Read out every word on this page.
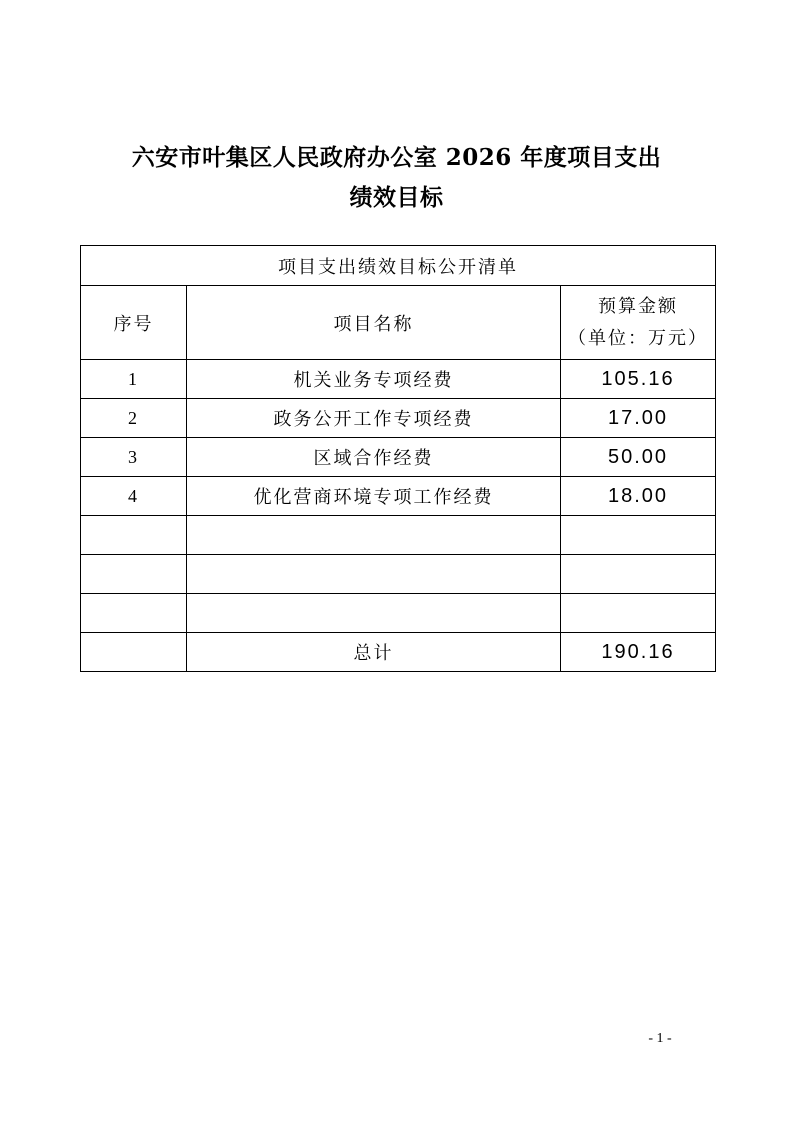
六安市叶集区人民政府办公室 2026 年度项目支出
绩效目标
项目支出绩效目标公开清单		
序号	项目名称	预算金额
（单位：万元）

1	机关业务专项经费	105.16
2	政务公开工作专项经费	17.00
3	区域合作经费	50.00
4	优化营商环境专项工作经费	18.00

	总计	190.16
- 1 -
